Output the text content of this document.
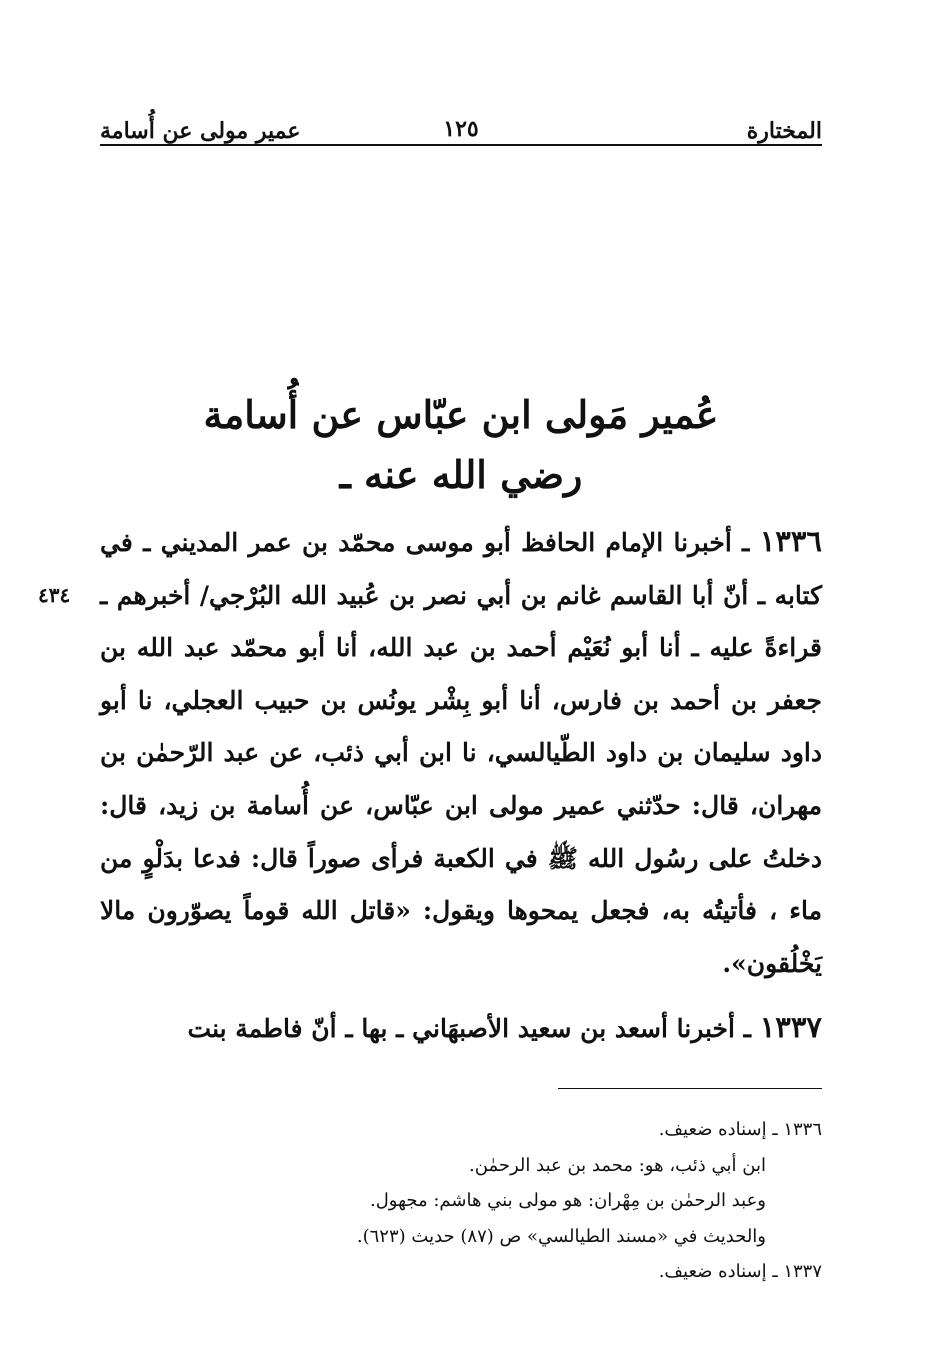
المختارة
١٢٥
عمير مولى عن أُسامة
عُمير مَولى ابن عبّاس عن أُسامة
رضي الله عنه ـ
٤٣٤

١٣٣٦ ـ أخبرنا الإمام الحافظ أبو موسى محمّد بن عمر المديني ـ في كتابه ـ أنّ أبا القاسم غانم بن أبي نصر بن عُبيد الله البُرْجي/ أخبرهم ـ قراءةً عليه ـ أنا أبو نُعَيْم أحمد بن عبد الله، أنا أبو محمّد عبد الله بن جعفر بن أحمد بن فارس، أنا أبو بِشْر يونُس بن حبيب العجلي، نا أبو داود سليمان بن داود الطّيالسي، نا ابن أبي ذئب، عن عبد الرّحمٰن بن مهران، قال: حدّثني عمير مولى ابن عبّاس، عن أُسامة بن زيد، قال: دخلتُ على رسُول الله ﷺ في الكعبة فرأى صوراً قال: فدعا بدَلْوٍ من ماء ، فأتيتُه به، فجعل يمحوها ويقول: «قاتل الله قوماً يصوّرون مالا يَخْلُقون».

١٣٣٧ ـ أخبرنا أسعد بن سعيد الأصبهَاني ـ بها ـ أنّ فاطمة بنت

١٣٣٦ ـ إسناده ضعيف.
ابن أبي ذئب، هو: محمد بن عبد الرحمٰن.
وعبد الرحمٰن بن مِهْران: هو مولى بني هاشم: مجهول.
والحديث في «مسند الطيالسي» ص (٨٧) حديث (٦٢٣).
١٣٣٧ ـ إسناده ضعيف.
